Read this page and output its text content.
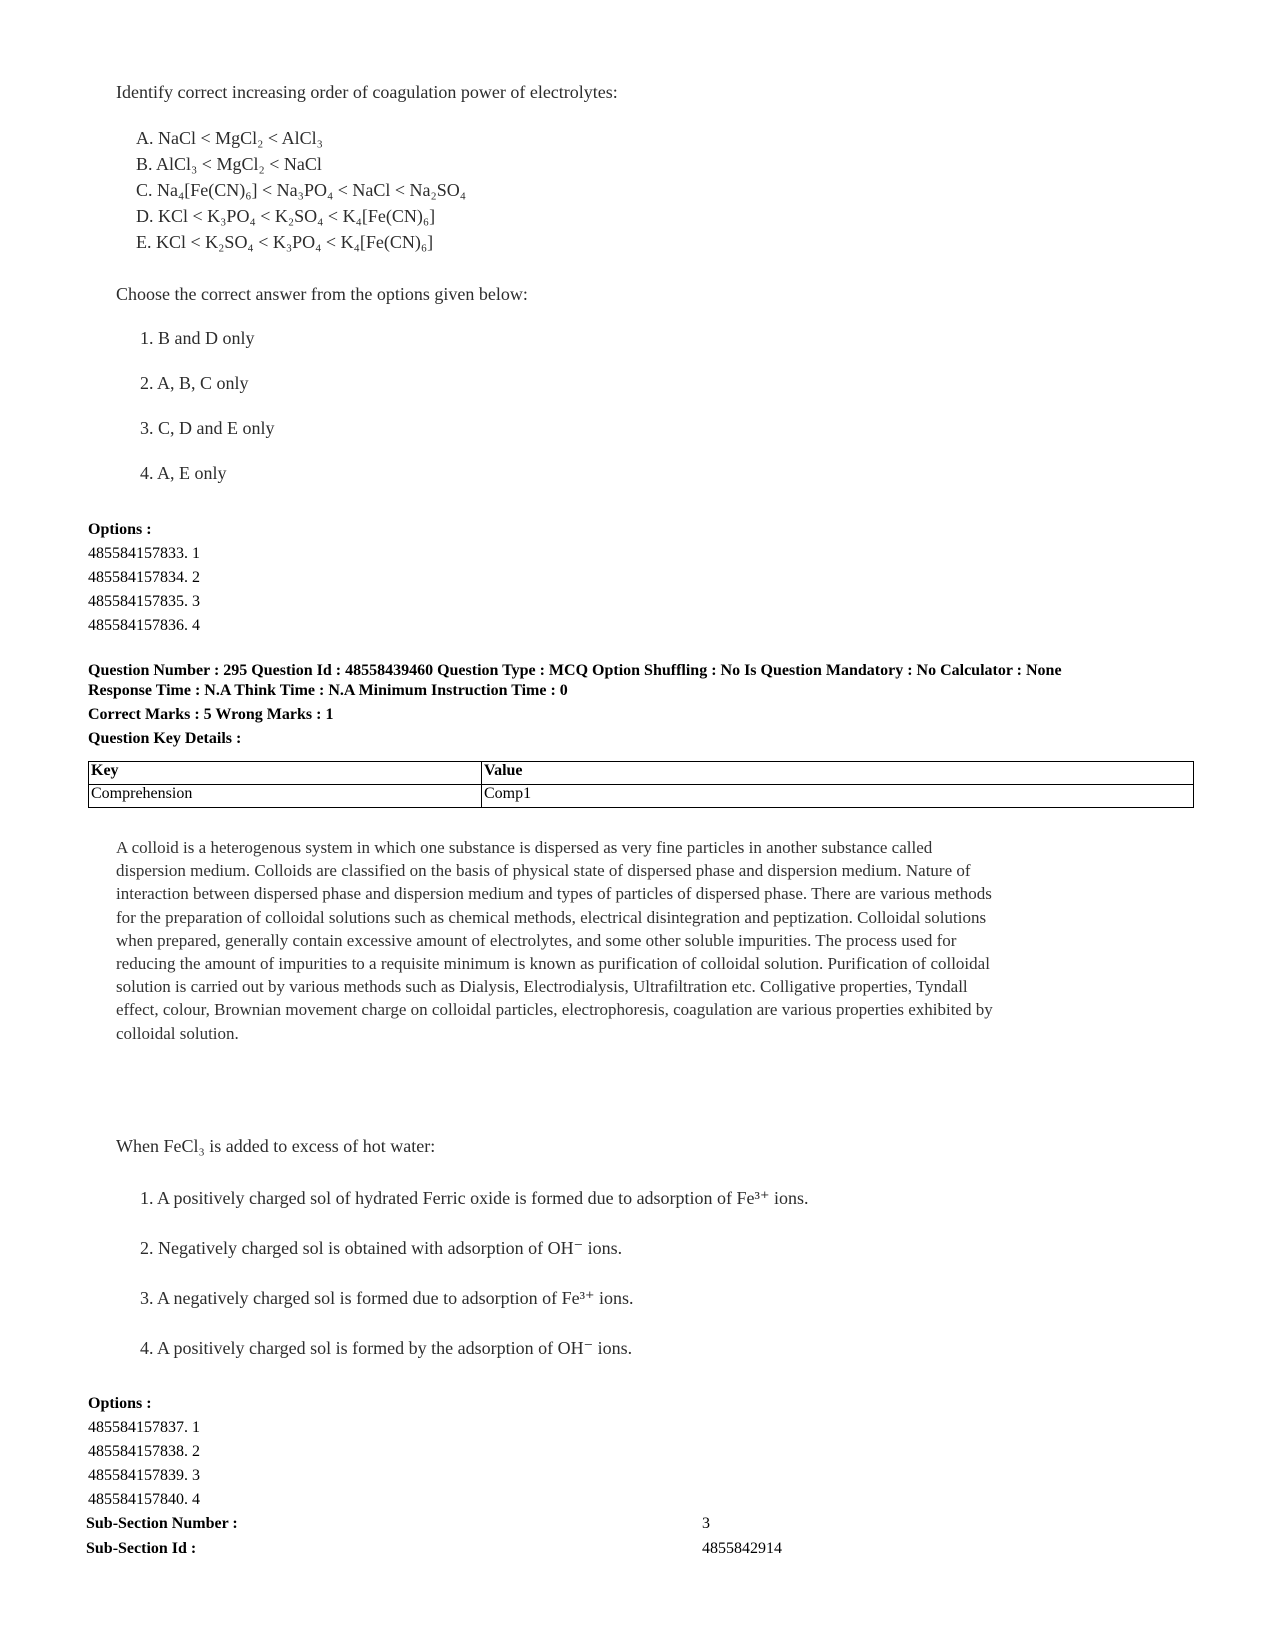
Identify correct increasing order of coagulation power of electrolytes:
A. NaCl < MgCl₂ < AlCl₃
B. AlCl₃ < MgCl₂ < NaCl
C. Na₄[Fe(CN)₆] < Na₃PO₄ < NaCl < Na₂SO₄
D. KCl < K₃PO₄ < K₂SO₄ < K₄[Fe(CN)₆]
E. KCl < K₂SO₄ < K₃PO₄ < K₄[Fe(CN)₆]
Choose the correct answer from the options given below:
1. B and D only
2. A, B, C only
3. C, D and E only
4. A, E only
Options :
485584157833. 1
485584157834. 2
485584157835. 3
485584157836. 4
Question Number : 295 Question Id : 48558439460 Question Type : MCQ Option Shuffling : No Is Question Mandatory : No Calculator : None
Response Time : N.A Think Time : N.A Minimum Instruction Time : 0
Correct Marks : 5 Wrong Marks : 1
Question Key Details :
Key	Value
Comprehension	Comp1
A colloid is a heterogenous system in which one substance is dispersed as very fine particles in another substance called dispersion medium. Colloids are classified on the basis of physical state of dispersed phase and dispersion medium. Nature of interaction between dispersed phase and dispersion medium and types of particles of dispersed phase. There are various methods for the preparation of colloidal solutions such as chemical methods, electrical disintegration and peptization. Colloidal solutions when prepared, generally contain excessive amount of electrolytes, and some other soluble impurities. The process used for reducing the amount of impurities to a requisite minimum is known as purification of colloidal solution. Purification of colloidal solution is carried out by various methods such as Dialysis, Electrodialysis, Ultrafiltration etc. Colligative properties, Tyndall effect, colour, Brownian movement charge on colloidal particles, electrophoresis, coagulation are various properties exhibited by colloidal solution.
When FeCl₃ is added to excess of hot water:
1. A positively charged sol of hydrated Ferric oxide is formed due to adsorption of Fe³⁺ ions.
2. Negatively charged sol is obtained with adsorption of OH⁻ ions.
3. A negatively charged sol is formed due to adsorption of Fe³⁺ ions.
4. A positively charged sol is formed by the adsorption of OH⁻ ions.
Options :
485584157837. 1
485584157838. 2
485584157839. 3
485584157840. 4
Sub-Section Number :	3
Sub-Section Id :	4855842914
